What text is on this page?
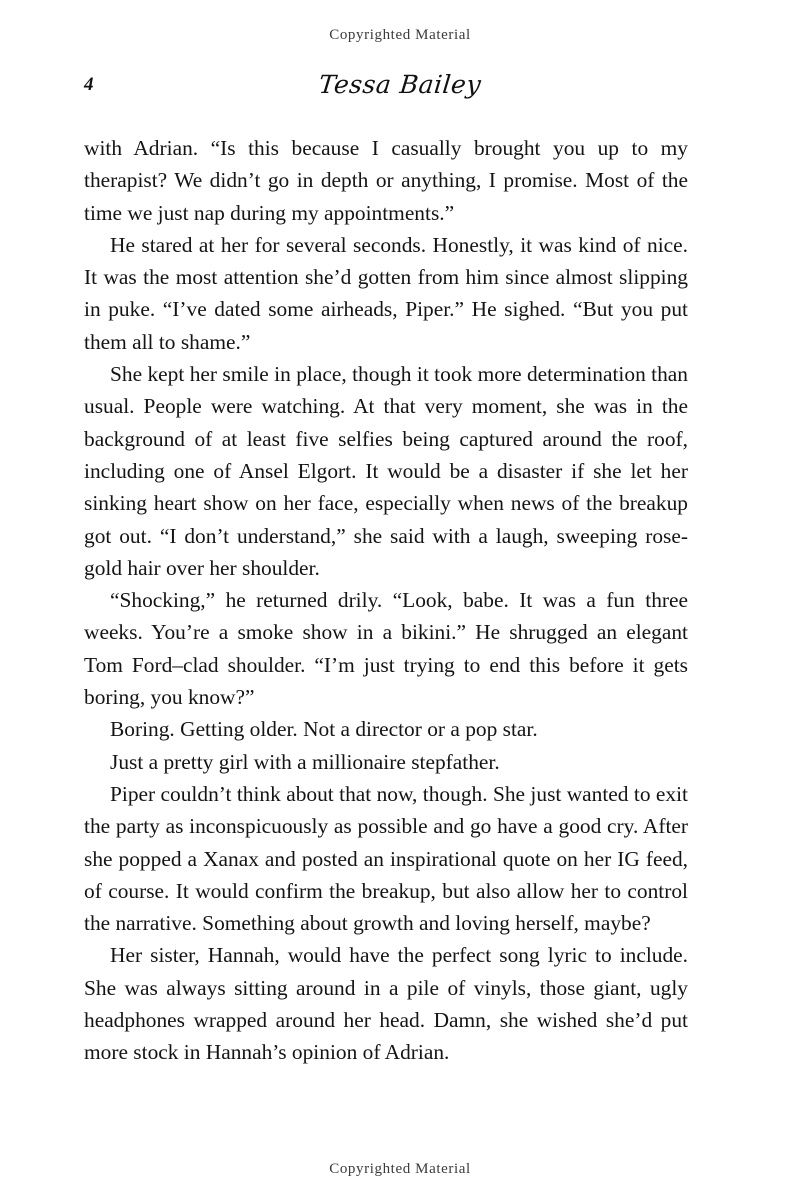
Copyrighted Material
4	Tessa Bailey

with Adrian. “Is this because I casually brought you up to my therapist? We didn’t go in depth or anything, I promise. Most of the time we just nap during my appointments.”

He stared at her for several seconds. Honestly, it was kind of nice. It was the most attention she’d gotten from him since almost slipping in puke. “I’ve dated some airheads, Piper.” He sighed. “But you put them all to shame.”

She kept her smile in place, though it took more determination than usual. People were watching. At that very moment, she was in the background of at least five selfies being captured around the roof, including one of Ansel Elgort. It would be a disaster if she let her sinking heart show on her face, especially when news of the breakup got out. “I don’t understand,” she said with a laugh, sweeping rose-gold hair over her shoulder.

“Shocking,” he returned drily. “Look, babe. It was a fun three weeks. You’re a smoke show in a bikini.” He shrugged an elegant Tom Ford–clad shoulder. “I’m just trying to end this before it gets boring, you know?”

Boring. Getting older. Not a director or a pop star.

Just a pretty girl with a millionaire stepfather.

Piper couldn’t think about that now, though. She just wanted to exit the party as inconspicuously as possible and go have a good cry. After she popped a Xanax and posted an inspirational quote on her IG feed, of course. It would confirm the breakup, but also allow her to control the narrative. Something about growth and loving herself, maybe?

Her sister, Hannah, would have the perfect song lyric to include. She was always sitting around in a pile of vinyls, those giant, ugly headphones wrapped around her head. Damn, she wished she’d put more stock in Hannah’s opinion of Adrian.

Copyrighted Material
